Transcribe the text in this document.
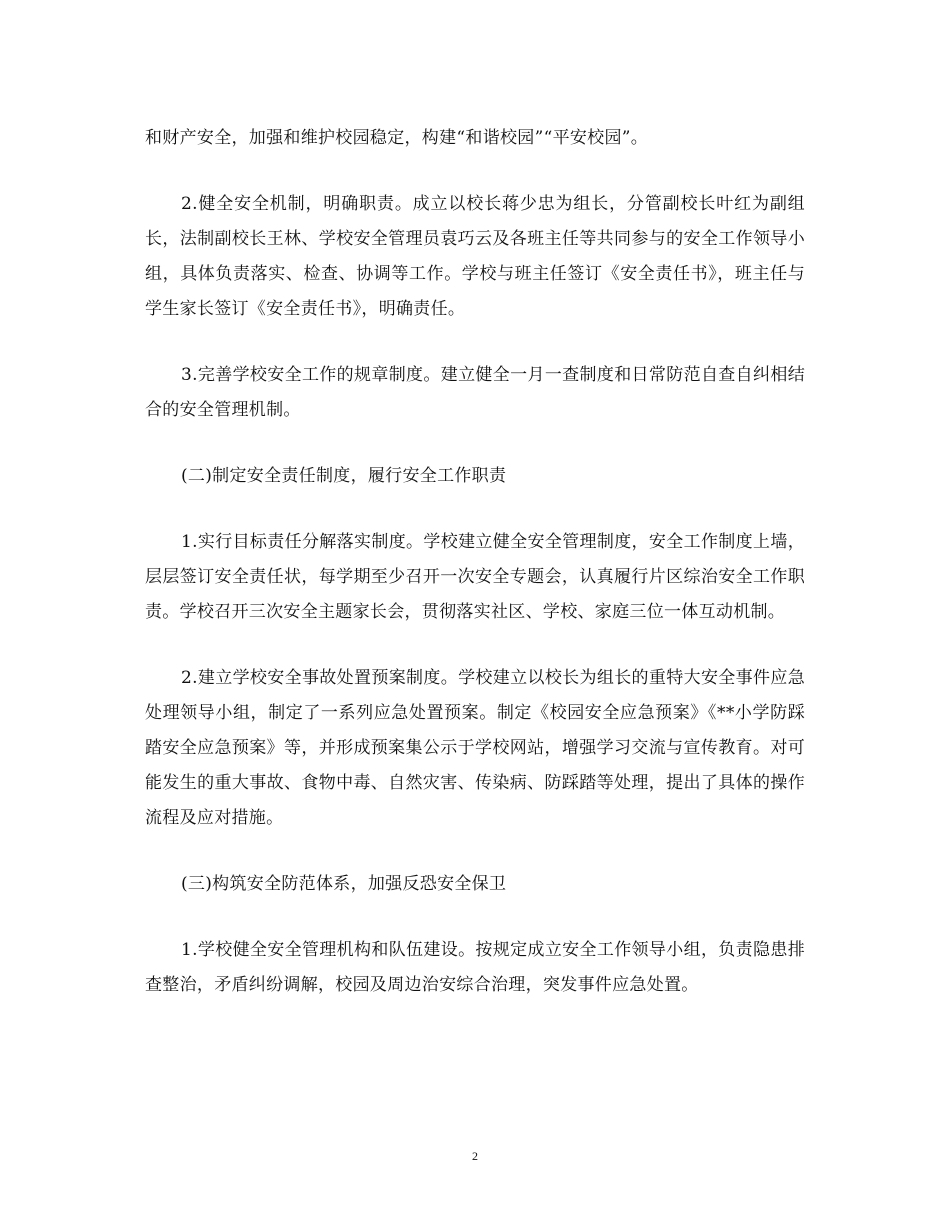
和财产安全，加强和维护校园稳定，构建“和谐校园”“平安校园”。

2.健全安全机制，明确职责。成立以校长蒋少忠为组长，分管副校长叶红为副组长，法制副校长王林、学校安全管理员袁巧云及各班主任等共同参与的安全工作领导小组，具体负责落实、检查、协调等工作。学校与班主任签订《安全责任书》，班主任与学生家长签订《安全责任书》，明确责任。

3.完善学校安全工作的规章制度。建立健全一月一查制度和日常防范自查自纠相结合的安全管理机制。

(二)制定安全责任制度，履行安全工作职责

1.实行目标责任分解落实制度。学校建立健全安全管理制度，安全工作制度上墙，层层签订安全责任状，每学期至少召开一次安全专题会，认真履行片区综治安全工作职责。学校召开三次安全主题家长会，贯彻落实社区、学校、家庭三位一体互动机制。

2.建立学校安全事故处置预案制度。学校建立以校长为组长的重特大安全事件应急处理领导小组，制定了一系列应急处置预案。制定《校园安全应急预案》《**小学防踩踏安全应急预案》等，并形成预案集公示于学校网站，增强学习交流与宣传教育。对可能发生的重大事故、食物中毒、自然灾害、传染病、防踩踏等处理，提出了具体的操作流程及应对措施。

(三)构筑安全防范体系，加强反恐安全保卫

1.学校健全安全管理机构和队伍建设。按规定成立安全工作领导小组，负责隐患排查整治，矛盾纠纷调解，校园及周边治安综合治理，突发事件应急处置。

2
